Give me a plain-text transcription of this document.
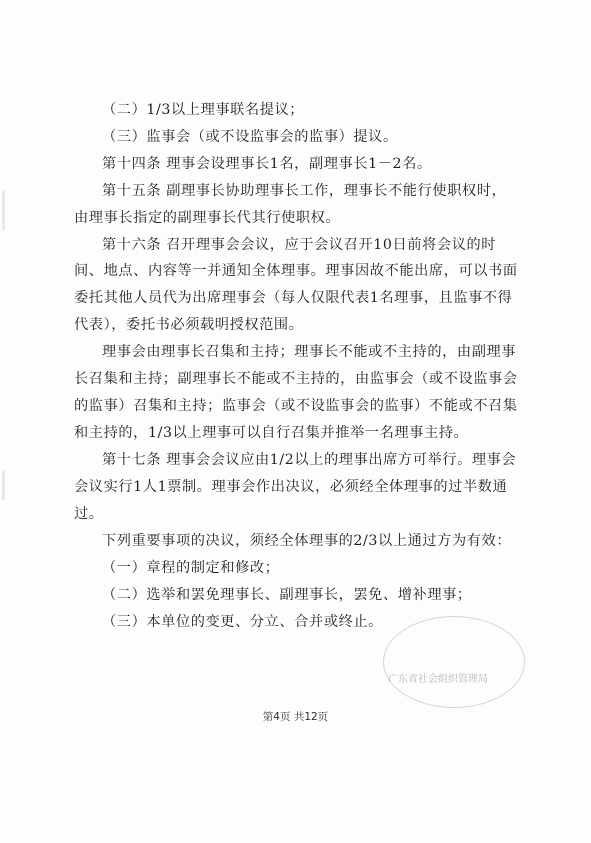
（二）1/3以上理事联名提议；
（三）监事会（或不设监事会的监事）提议。
第十四条 理事会设理事长1名，副理事长1－2名。
第十五条 副理事长协助理事长工作，理事长不能行使职权时，
由理事长指定的副理事长代其行使职权。
第十六条 召开理事会会议，应于会议召开10日前将会议的时
间、地点、内容等一并通知全体理事。理事因故不能出席，可以书面
委托其他人员代为出席理事会（每人仅限代表1名理事，且监事不得
代表），委托书必须载明授权范围。
理事会由理事长召集和主持；理事长不能或不主持的，由副理事
长召集和主持；副理事长不能或不主持的，由监事会（或不设监事会
的监事）召集和主持；监事会（或不设监事会的监事）不能或不召集
和主持的，1/3以上理事可以自行召集并推举一名理事主持。
第十七条 理事会会议应由1/2以上的理事出席方可举行。理事会
会议实行1人1票制。理事会作出决议，必须经全体理事的过半数通
过。
下列重要事项的决议，须经全体理事的2/3以上通过方为有效：
（一）章程的制定和修改；
（二）选举和罢免理事长、副理事长，罢免、增补理事；
（三）本单位的变更、分立、合并或终止。
广东省社会组织管理局
第4页 共12页
